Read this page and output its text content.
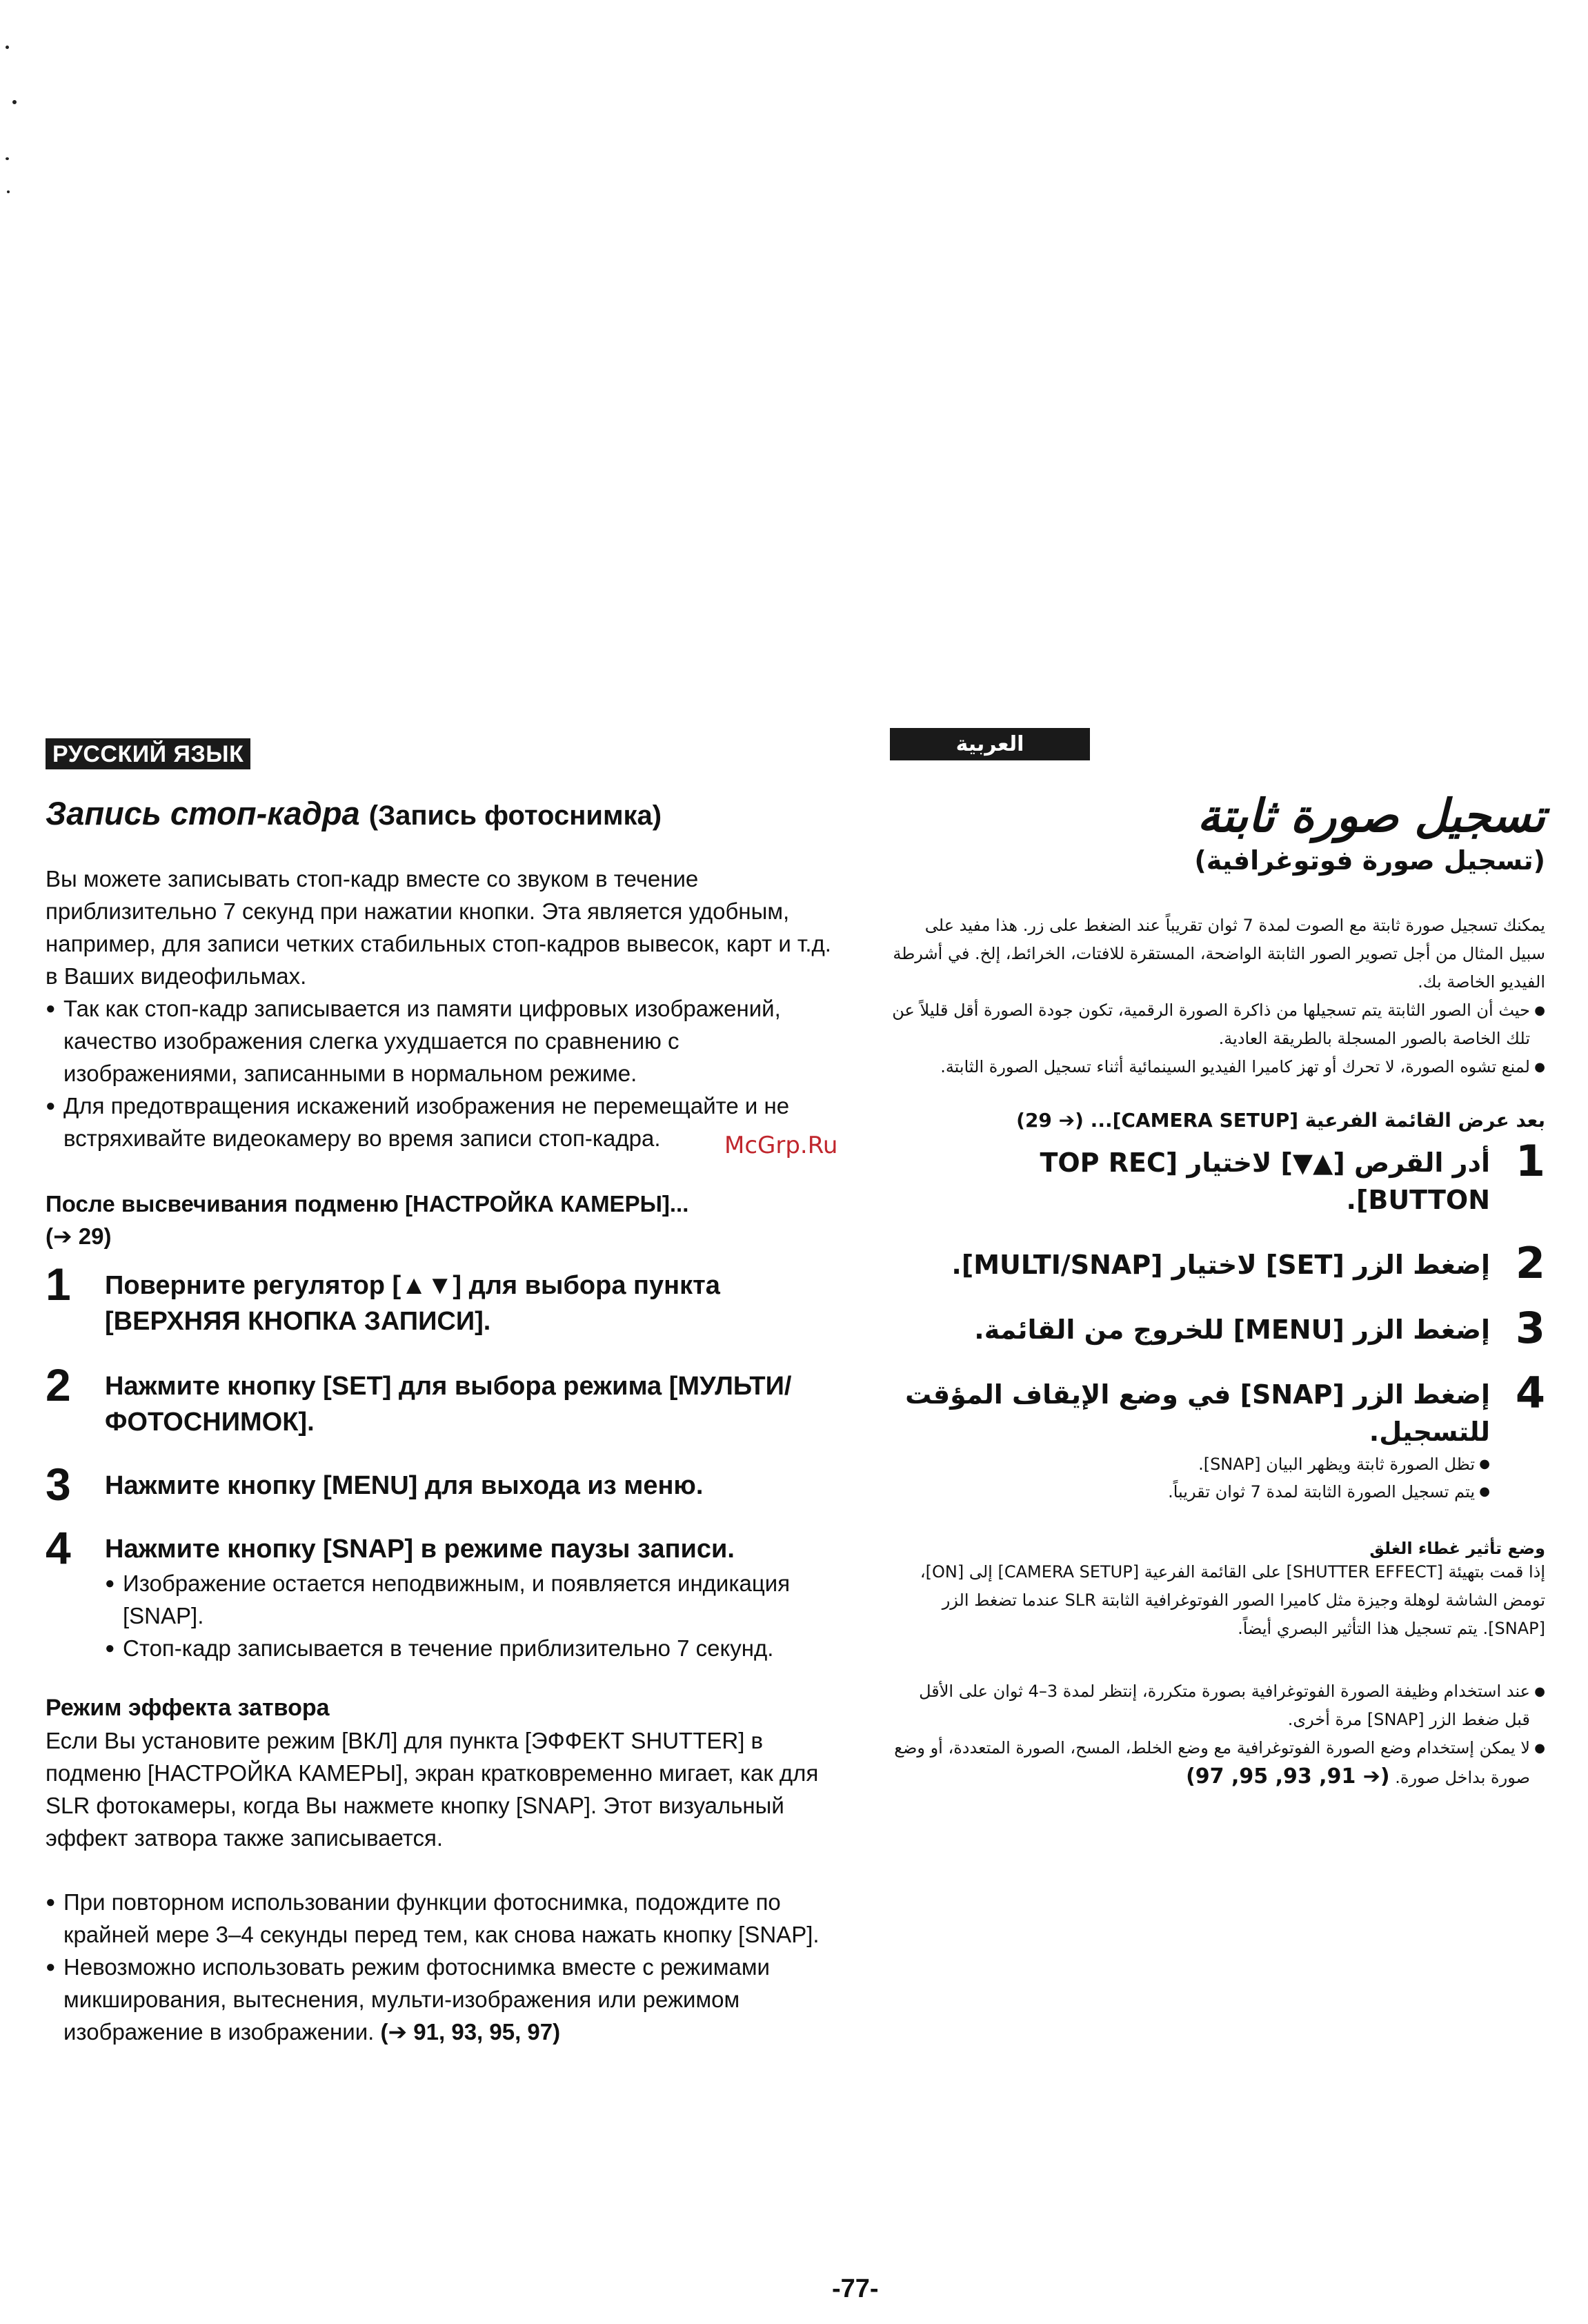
РУССКИЙ ЯЗЫК
Запись стоп-кадра (Запись фотоснимка)

Вы можете записывать стоп-кадр вместе со звуком в течение приблизительно 7 секунд при нажатии кнопки. Эта является удобным, например, для записи четких стабильных стоп-кадров вывесок, карт и т.д. в Ваших видеофильмах.

● Так как стоп-кадр записывается из памяти цифровых изображений, качество изображения слегка ухудшается по сравнению с изображениями, записанными в нормальном режиме.
● Для предотвращения искажений изображения не перемещайте и не встряхивайте видеокамеру во время записи стоп-кадра.
После высвечивания подменю [НАСТРОЙКА КАМЕРЫ]...
(➔ 29)
1 Поверните регулятор [▲▼] для выбора пункта [ВЕРХНЯЯ КНОПКА ЗАПИСИ].
2 Нажмите кнопку [SET] для выбора режима [МУЛЬТИ/ФОТОСНИМОК].
3 Нажмите кнопку [MENU] для выхода из меню.
4 Нажмите кнопку [SNAP] в режиме паузы записи.
● Изображение остается неподвижным, и появляется индикация [SNAP].
● Стоп-кадр записывается в течение приблизительно 7 секунд.
Режим эффекта затвора

Если Вы установите режим [ВКЛ] для пункта [ЭФФЕКТ SHUTTER] в подменю [НАСТРОЙКА КАМЕРЫ], экран кратковременно мигает, как для SLR фотокамеры, когда Вы нажмете кнопку [SNAP]. Этот визуальный эффект затвора также записывается.

● При повторном использовании функции фотоснимка, подождите по крайней мере 3–4 секунды перед тем, как снова нажать кнопку [SNAP].
● Невозможно использовать режим фотоснимка вместе с режимами микширования, вытеснения, мульти-изображения или режимом изображение в изображении. (➔ 91, 93, 95, 97)
العربية
تسجيل صورة ثابتة
(تسجيل صورة فوتوغرافية)

يمكنك تسجيل صورة ثابتة مع الصوت لمدة 7 ثوان تقريباً عند الضغط على زر. هذا مفيد على سبيل المثال من أجل تصوير الصور الثابتة الواضحة، المستقرة للافتات، الخرائط، إلخ. في أشرطة الفيديو الخاصة بك.

● حيث أن الصور الثابتة يتم تسجيلها من ذاكرة الصورة الرقمية، تكون جودة الصورة أقل قليلاً عن تلك الخاصة بالصور المسجلة بالطريقة العادية.
● لمنع تشوه الصورة، لا تحرك أو تهز كاميرا الفيديو السينمائية أثناء تسجيل الصورة الثابتة.
بعد عرض القائمة الفرعية [CAMERA SETUP]... (➔ 29)
1
أدر القرص [▲▼] لاختيار [TOP REC BUTTON].
2
إضغط الزر [SET] لاختيار [MULTI/SNAP].
3
إضغط الزر [MENU] للخروج من القائمة.
4
إضغط الزر [SNAP] في وضع الإيقاف المؤقت للتسجيل.
● تظل الصورة ثابتة ويظهر البيان [SNAP].
● يتم تسجيل الصورة الثابتة لمدة 7 ثوان تقريباً.
وضع تأثير غطاء الغلق

إذا قمت بتهيئة [SHUTTER EFFECT] على القائمة الفرعية [CAMERA SETUP] إلى [ON]، تومض الشاشة لوهلة وجيزة مثل كاميرا الصور الفوتوغرافية الثابتة SLR عندما تضغط الزر [SNAP]. يتم تسجيل هذا التأثير البصري أيضاً.

● عند استخدام وظيفة الصورة الفوتوغرافية بصورة متكررة، إنتظر لمدة 3–4 ثوان على الأقل قبل ضغط الزر [SNAP] مرة أخرى.
● لا يمكن إستخدام وضع الصورة الفوتوغرافية مع وضع الخلط، المسح، الصورة المتعددة، أو وضع صورة بداخل صورة. (➔ 91, 93, 95, 97)
McGrp.Ru
-77-
